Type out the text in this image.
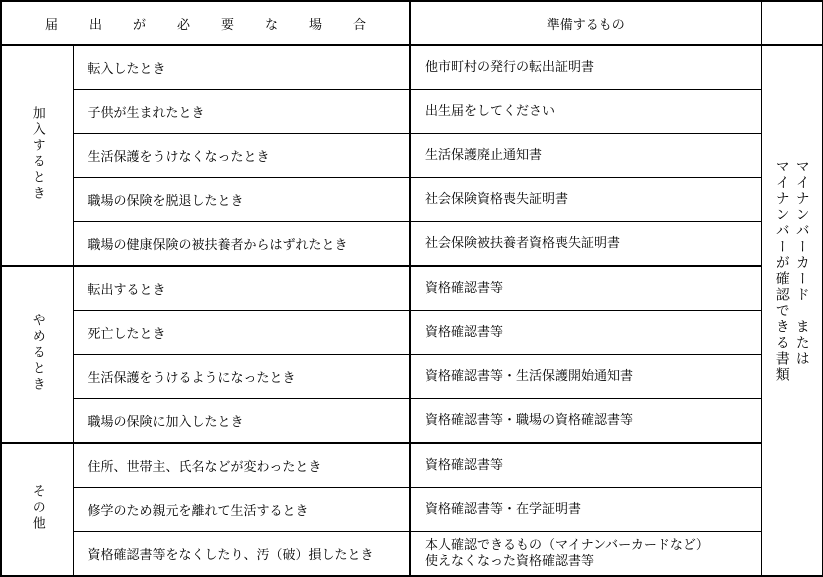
届 出 が 必 要 な 場 合		準備するもの	
加入するとき	転入したとき	他市町村の発行の転出証明書	マイナンバーカード　または
マイナンバーが確認できる書類
	子供が生まれたとき	出生届をしてください	
	生活保護をうけなくなったとき	生活保護廃止通知書	
	職場の保険を脱退したとき	社会保険資格喪失証明書	
	職場の健康保険の被扶養者からはずれたとき	社会保険被扶養者資格喪失証明書	
やめるとき	転出するとき	資格確認書等	
	死亡したとき	資格確認書等	
	生活保護をうけるようになったとき	資格確認書等・生活保護開始通知書	
	職場の保険に加入したとき	資格確認書等・職場の資格確認書等	
その他	住所、世帯主、氏名などが変わったとき	資格確認書等	
	修学のため親元を離れて生活するとき	資格確認書等・在学証明書	
	資格確認書等をなくしたり、汚（破）損したとき	本人確認できるもの（マイナンバーカードなど）
使えなくなった資格確認書等	
